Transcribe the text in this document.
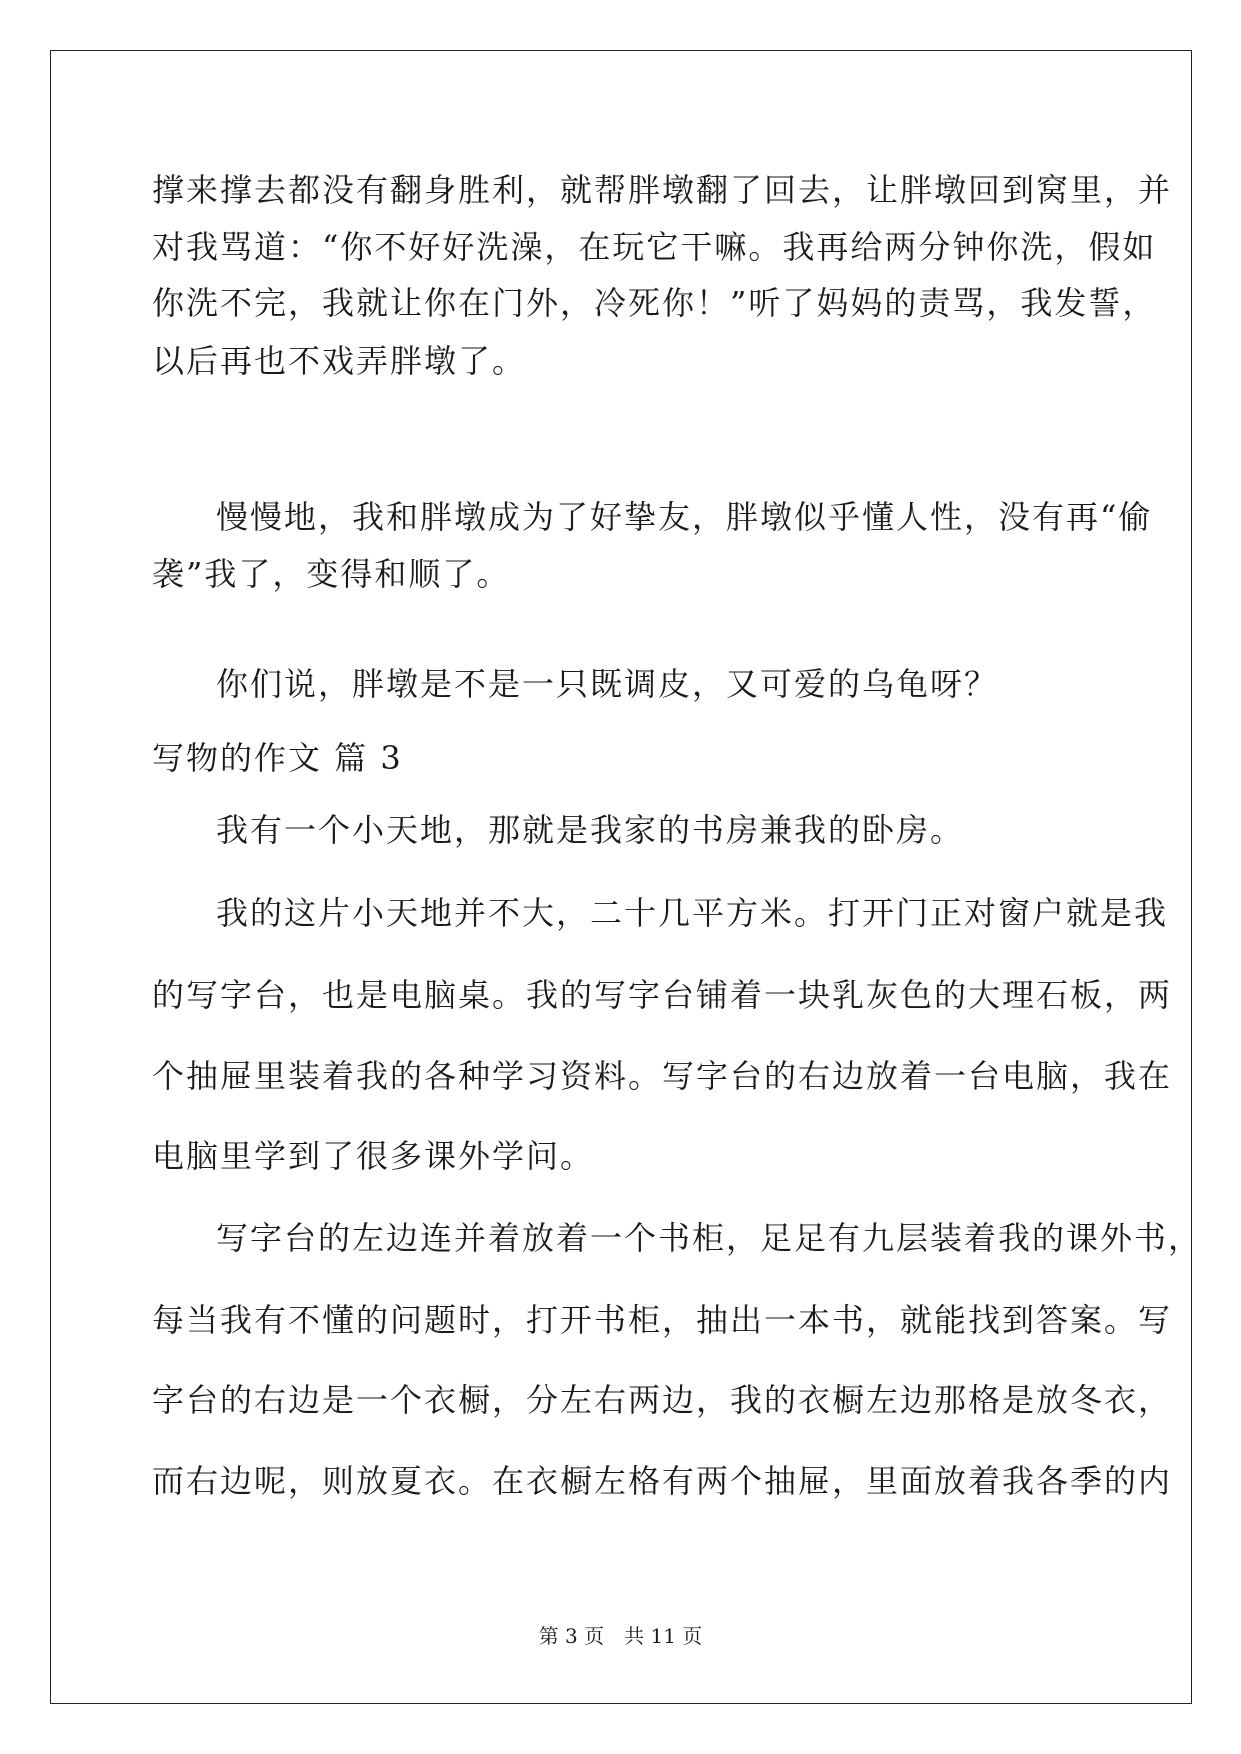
撑来撑去都没有翻身胜利，就帮胖墩翻了回去，让胖墩回到窝里，并
对我骂道：“你不好好洗澡，在玩它干嘛。我再给两分钟你洗，假如
你洗不完，我就让你在门外，冷死你！”听了妈妈的责骂，我发誓，
以后再也不戏弄胖墩了。
慢慢地，我和胖墩成为了好挚友，胖墩似乎懂人性，没有再“偷
袭”我了，变得和顺了。
你们说，胖墩是不是一只既调皮，又可爱的乌龟呀？
写物的作文 篇 3
我有一个小天地，那就是我家的书房兼我的卧房。
我的这片小天地并不大，二十几平方米。打开门正对窗户就是我
的写字台，也是电脑桌。我的写字台铺着一块乳灰色的大理石板，两
个抽屉里装着我的各种学习资料。写字台的右边放着一台电脑，我在
电脑里学到了很多课外学问。
写字台的左边连并着放着一个书柜，足足有九层装着我的课外书，
每当我有不懂的问题时，打开书柜，抽出一本书，就能找到答案。写
字台的右边是一个衣橱，分左右两边，我的衣橱左边那格是放冬衣，
而右边呢，则放夏衣。在衣橱左格有两个抽屉，里面放着我各季的内
第 3 页　共 11 页
